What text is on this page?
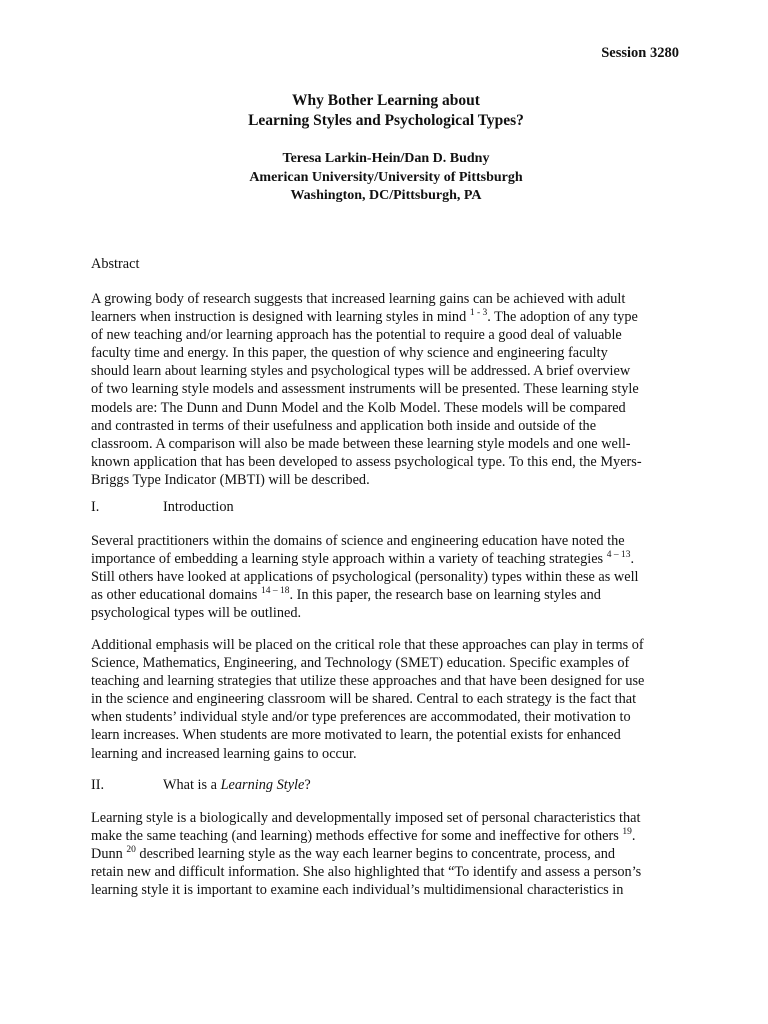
Session 3280
Why Bother Learning about
Learning Styles and Psychological Types?
Teresa Larkin-Hein/Dan D. Budny
American University/University of Pittsburgh
Washington, DC/Pittsburgh, PA
Abstract
A growing body of research suggests that increased learning gains can be achieved with adult
learners when instruction is designed with learning styles in mind $^{1 - 3}$. The adoption of any type
of new teaching and/or learning approach has the potential to require a good deal of valuable
faculty time and energy. In this paper, the question of why science and engineering faculty
should learn about learning styles and psychological types will be addressed. A brief overview
of two learning style models and assessment instruments will be presented. These learning style
models are: The Dunn and Dunn Model and the Kolb Model. These models will be compared
and contrasted in terms of their usefulness and application both inside and outside of the
classroom. A comparison will also be made between these learning style models and one well-
known application that has been developed to assess psychological type. To this end, the Myers-
Briggs Type Indicator (MBTI) will be described.
I.	Introduction
Several practitioners within the domains of science and engineering education have noted the
importance of embedding a learning style approach within a variety of teaching strategies $^{4 - 13}$.
Still others have looked at applications of psychological (personality) types within these as well
as other educational domains $^{14 - 18}$. In this paper, the research base on learning styles and
psychological types will be outlined.
Additional emphasis will be placed on the critical role that these approaches can play in terms of
Science, Mathematics, Engineering, and Technology (SMET) education. Specific examples of
teaching and learning strategies that utilize these approaches and that have been designed for use
in the science and engineering classroom will be shared. Central to each strategy is the fact that
when students’ individual style and/or type preferences are accommodated, their motivation to
learn increases. When students are more motivated to learn, the potential exists for enhanced
learning and increased learning gains to occur.
II.	What is a Learning Style?
Learning style is a biologically and developmentally imposed set of personal characteristics that
make the same teaching (and learning) methods effective for some and ineffective for others $^{19}$.
Dunn $^{20}$ described learning style as the way each learner begins to concentrate, process, and
retain new and difficult information. She also highlighted that “To identify and assess a person’s
learning style it is important to examine each individual’s multidimensional characteristics in
